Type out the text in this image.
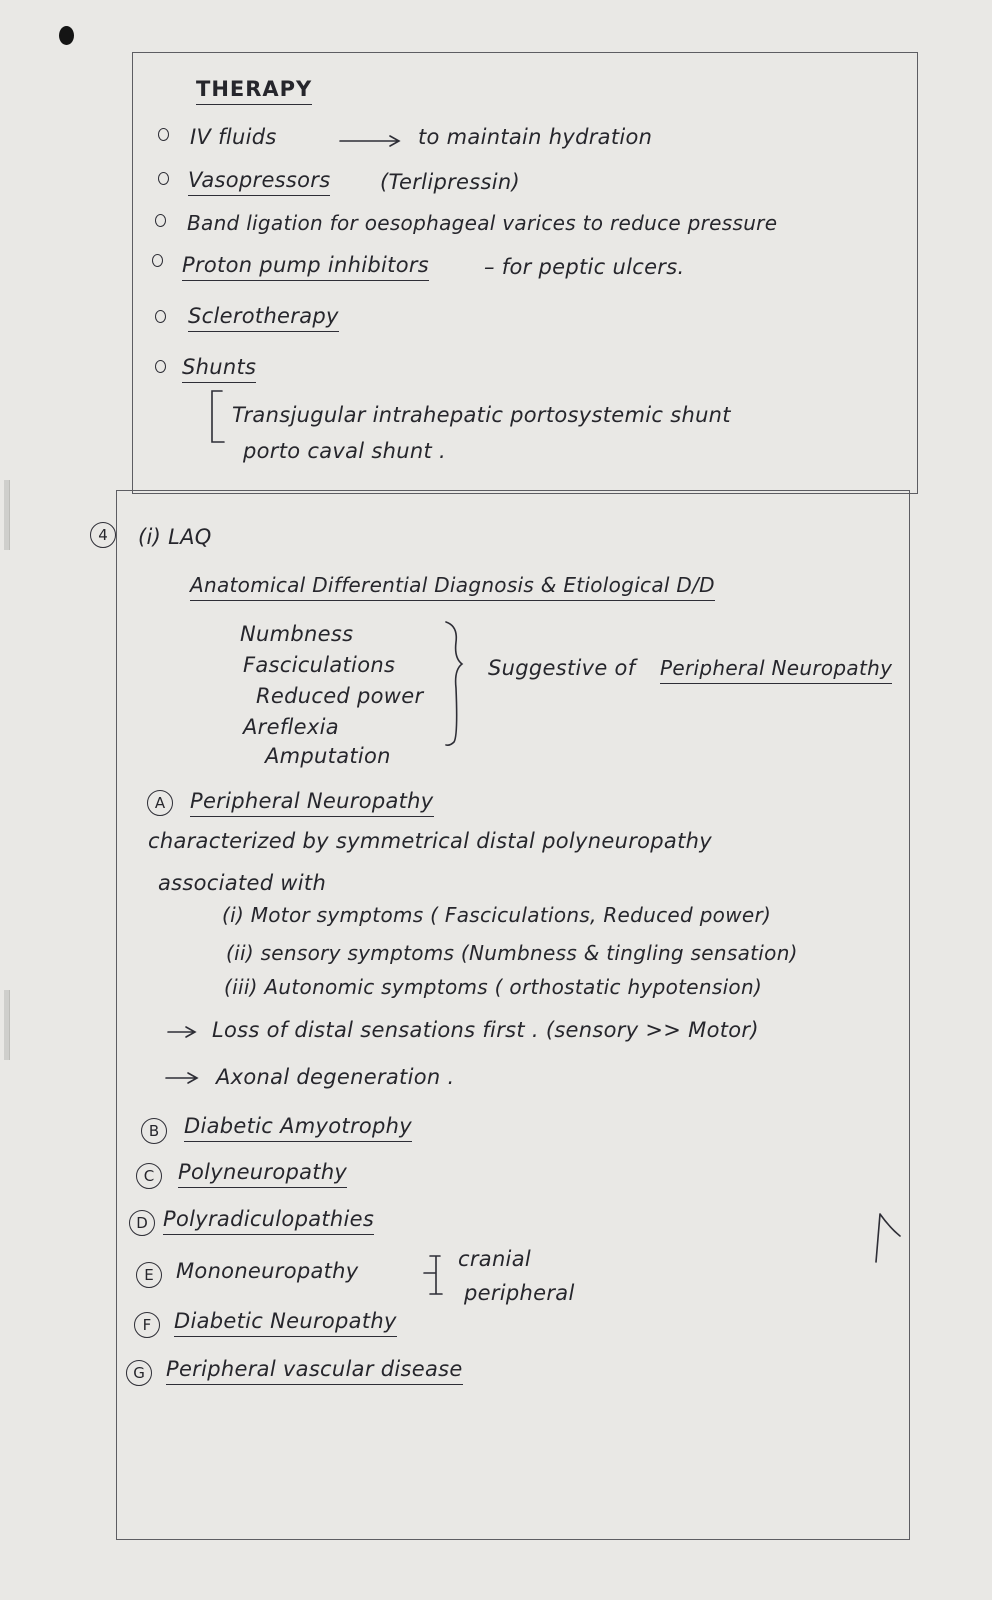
THERAPY
IV fluids	to maintain hydration
Vasopressors (Terlipressin)
Band ligation for oesophageal varices to reduce pressure
Proton pump inhibitors	– for peptic ulcers.
Sclerotherapy
Shunts
Transjugular intrahepatic portosystemic shunt
porto caval shunt .
4	(i) LAQ
Anatomical Differential Diagnosis & Etiological D/D
Numbness
Fasciculations
Reduced power
Areflexia
Amputation
Suggestive of Peripheral Neuropathy
A	Peripheral Neuropathy
characterized by symmetrical distal polyneuropathy
associated with
(i) Motor symptoms ( Fasciculations, Reduced power)
(ii) sensory symptoms (Numbness & tingling sensation)
(iii) Autonomic symptoms ( orthostatic hypotension)
Loss of distal sensations first . (sensory >> Motor)
Axonal degeneration .
B	Diabetic Amyotrophy
C	Polyneuropathy
D Polyradiculopathies
E	Mononeuropathy	cranial
peripheral
F	Diabetic Neuropathy
G	Peripheral vascular disease
